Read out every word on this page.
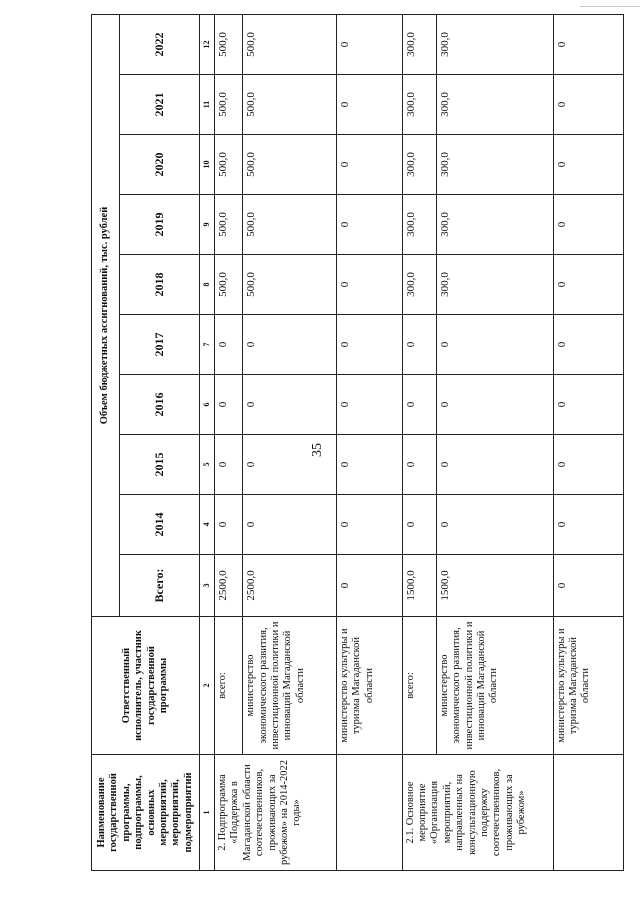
35
Наименование государственной программы, подпрограммы, основных мероприятий, мероприятий, подмероприятий	Ответственный исполнитель, участник государственной программы	Объем бюджетных ассигнований, тыс. рублей									
		Всего:	2014	2015	2016	2017	2018	2019	2020	2021	2022
1	2	3	4	5	6	7	8	9	10	11	12
2. Подпрограмма «Поддержка в Магаданской области соотечественников, проживающих за рубежом» на 2014-2022 годы»	всего:	2500,0	0	0	0	0	500,0	500,0	500,0	500,0	500,0
	министерство экономического развития, инвестиционной политики и инноваций Магаданской области	2500,0	0	0	0	0	500,0	500,0	500,0	500,0	500,0
	министерство культуры и туризма Магаданской области	0	0	0	0	0	0	0	0	0	0
2.1. Основное мероприятие «Организация мероприятий, направленных на консультационную поддержку соотечественников, проживающих за рубежом»	всего:	1500,0	0	0	0	0	300,0	300,0	300,0	300,0	300,0
	министерство экономического развития, инвестиционной политики и инноваций Магаданской области	1500,0	0	0	0	0	300,0	300,0	300,0	300,0	300,0
	министерство культуры и туризма Магаданской области	0	0	0	0	0	0	0	0	0	0
